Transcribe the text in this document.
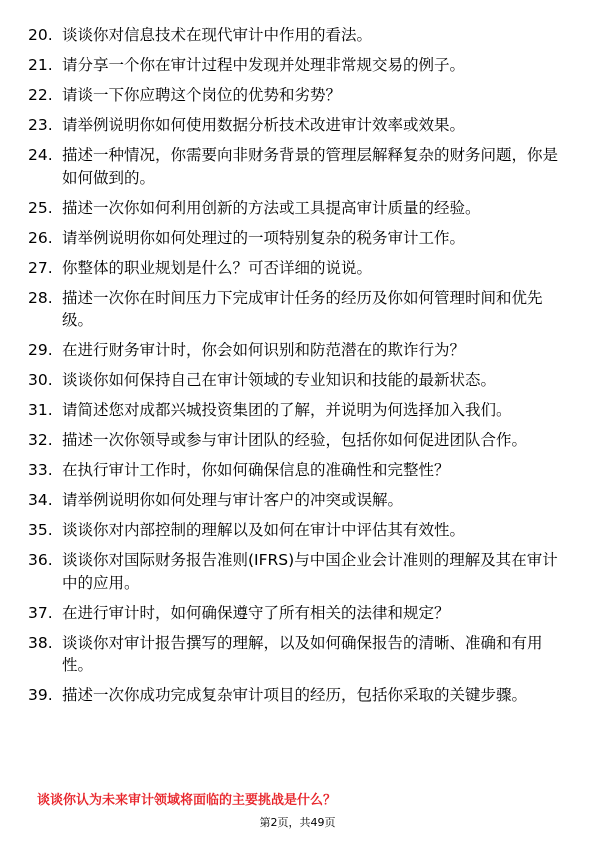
20. 谈谈你对信息技术在现代审计中作用的看法。
21. 请分享一个你在审计过程中发现并处理非常规交易的例子。
22. 请谈一下你应聘这个岗位的优势和劣势？
23. 请举例说明你如何使用数据分析技术改进审计效率或效果。
24. 描述一种情况，你需要向非财务背景的管理层解释复杂的财务问题，你是如何做到的。
25. 描述一次你如何利用创新的方法或工具提高审计质量的经验。
26. 请举例说明你如何处理过的一项特别复杂的税务审计工作。
27. 你整体的职业规划是什么？可否详细的说说。
28. 描述一次你在时间压力下完成审计任务的经历及你如何管理时间和优先级。
29. 在进行财务审计时，你会如何识别和防范潜在的欺诈行为？
30. 谈谈你如何保持自己在审计领域的专业知识和技能的最新状态。
31. 请简述您对成都兴城投资集团的了解，并说明为何选择加入我们。
32. 描述一次你领导或参与审计团队的经验，包括你如何促进团队合作。
33. 在执行审计工作时，你如何确保信息的准确性和完整性？
34. 请举例说明你如何处理与审计客户的冲突或误解。
35. 谈谈你对内部控制的理解以及如何在审计中评估其有效性。
36. 谈谈你对国际财务报告准则(IFRS)与中国企业会计准则的理解及其在审计中的应用。
37. 在进行审计时，如何确保遵守了所有相关的法律和规定？
38. 谈谈你对审计报告撰写的理解，以及如何确保报告的清晰、准确和有用性。
39. 描述一次你成功完成复杂审计项目的经历，包括你采取的关键步骤。
谈谈你认为未来审计领域将面临的主要挑战是什么？
第2页，共49页
